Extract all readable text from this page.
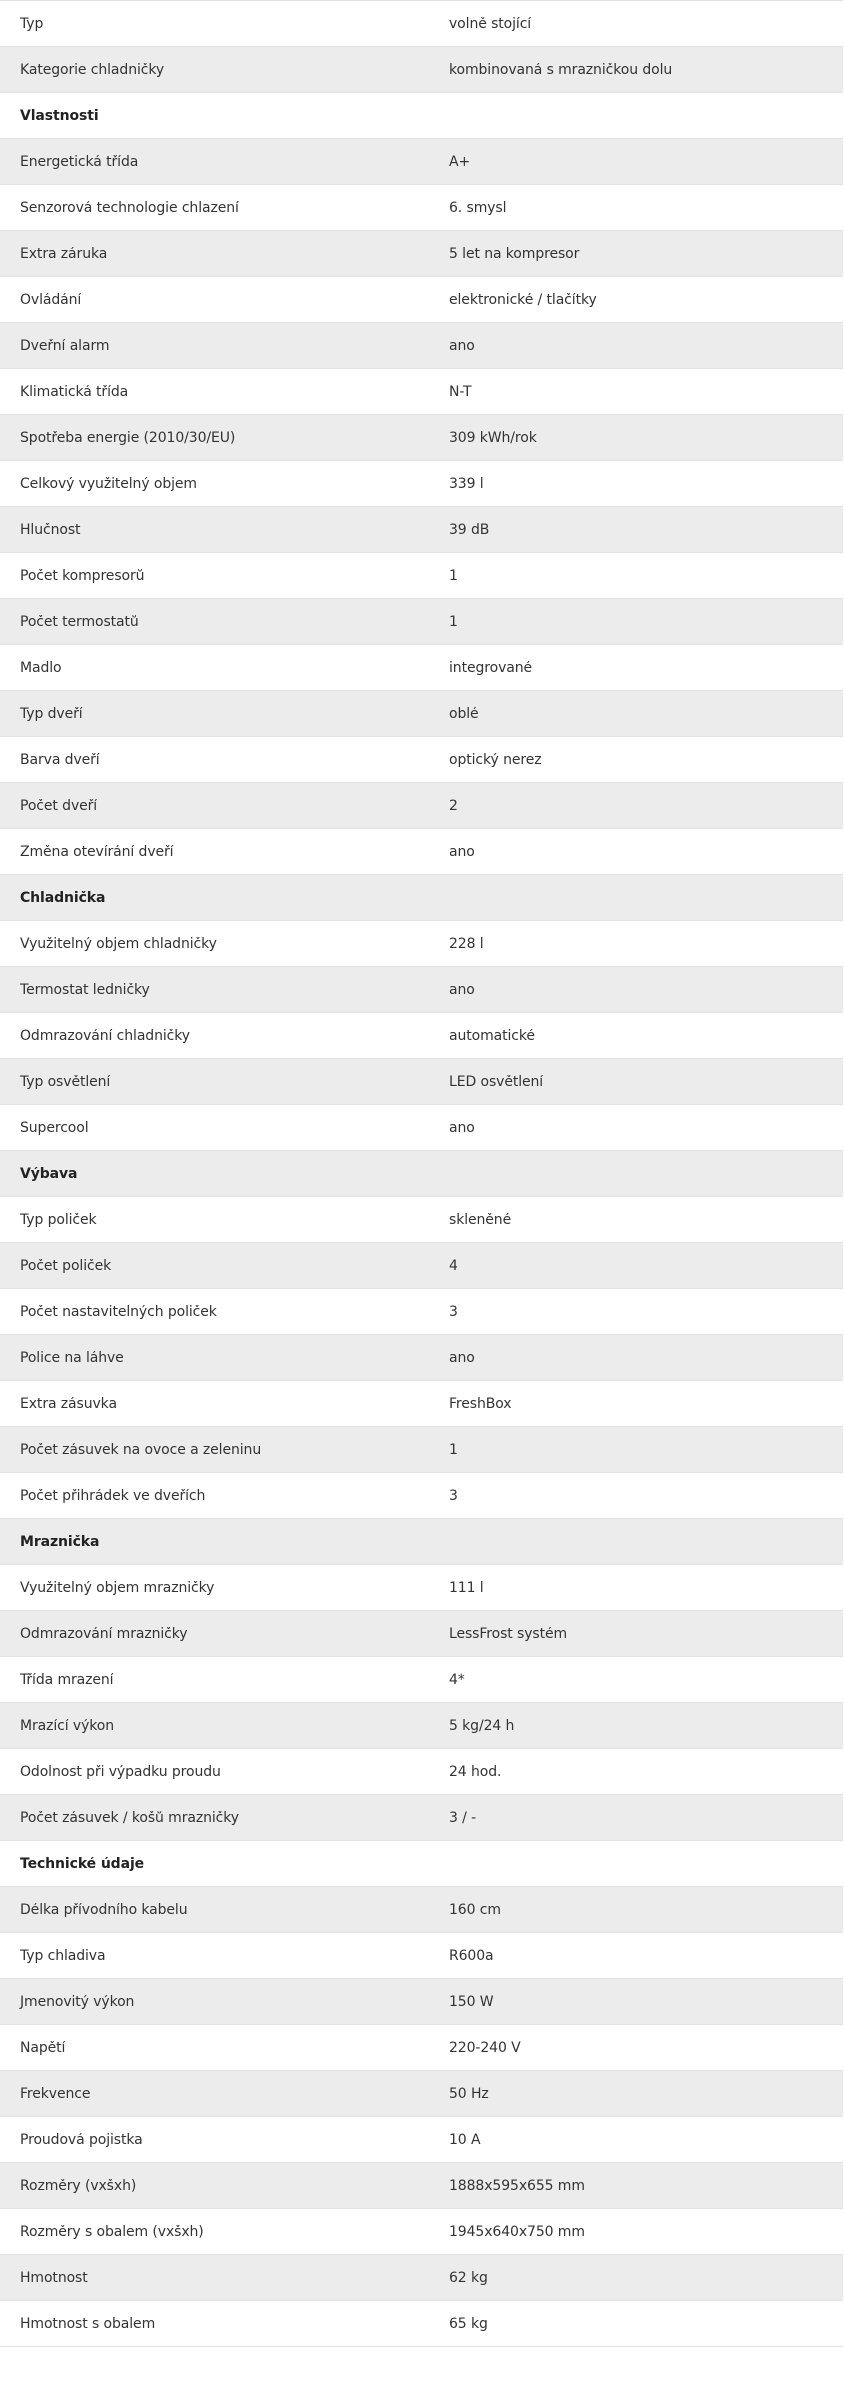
Typ	volně stojící
Kategorie chladničky	kombinovaná s mrazničkou dolu
Vlastnosti
Energetická třída	A+
Senzorová technologie chlazení	6. smysl
Extra záruka	5 let na kompresor
Ovládání	elektronické / tlačítky
Dveřní alarm	ano
Klimatická třída	N-T
Spotřeba energie (2010/30/EU)	309 kWh/rok
Celkový využitelný objem	339 l
Hlučnost	39 dB
Počet kompresorů	1
Počet termostatů	1
Madlo	integrované
Typ dveří	oblé
Barva dveří	optický nerez
Počet dveří	2
Změna otevírání dveří	ano
Chladnička
Využitelný objem chladničky	228 l
Termostat ledničky	ano
Odmrazování chladničky	automatické
Typ osvětlení	LED osvětlení
Supercool	ano
Výbava
Typ poliček	skleněné
Počet poliček	4
Počet nastavitelných poliček	3
Police na láhve	ano
Extra zásuvka	FreshBox
Počet zásuvek na ovoce a zeleninu	1
Počet přihrádek ve dveřích	3
Mraznička
Využitelný objem mrazničky	111 l
Odmrazování mrazničky	LessFrost systém
Třída mrazení	4*
Mrazící výkon	5 kg/24 h
Odolnost při výpadku proudu	24 hod.
Počet zásuvek / košů mrazničky	3 / -
Technické údaje
Délka přívodního kabelu	160 cm
Typ chladiva	R600a
Jmenovitý výkon	150 W
Napětí	220-240 V
Frekvence	50 Hz
Proudová pojistka	10 A
Rozměry (vxšxh)	1888x595x655 mm
Rozměry s obalem (vxšxh)	1945x640x750 mm
Hmotnost	62 kg
Hmotnost s obalem	65 kg
